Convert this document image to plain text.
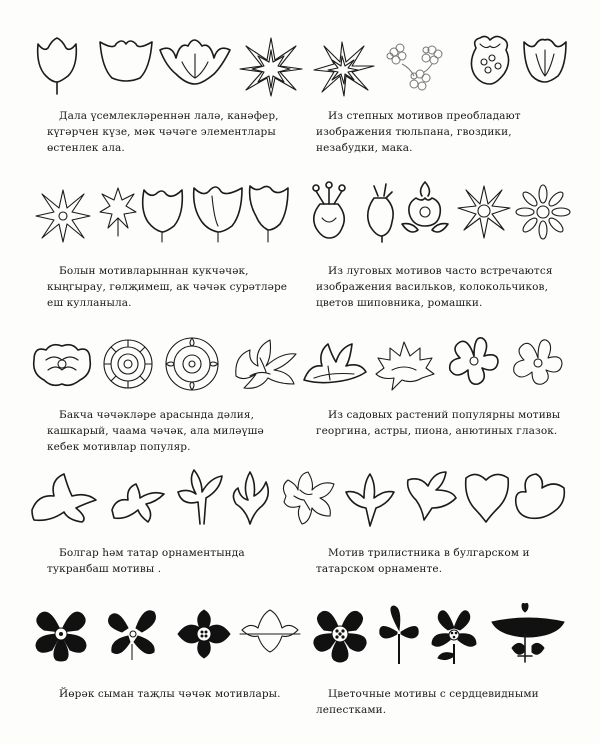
Дала үсемлекләреннән лалә, канәфер, күгәрчен күзе, мәк чәчәге элементлары өстенлек ала.

Из степных мотивов преобладают изображения тюльпана, гвоздики, незабудки, мака.

Болын мотивларыннан кукчәчәк, кыңгырау, гөлҗимеш, ак чәчәк сурәтләре еш кулланыла.

Из луговых мотивов часто встречаются изображения васильков, колокольчиков, цветов шиповника, ромашки.

Бакча чәчәкләре арасында дәлия, кашкарый, чаама чәчәк, ала миләүшә кебек мотивлар популяр.

Из садовых растений популярны мотивы георгина, астры, пиона, анютиных глазок.

Болгар һәм татар орнаментында тукранбаш мотивы .

Мотив трилистника в булгарском и татарском орнаменте.

Йөрәк сыман таҗлы чәчәк мотивлары.	Цветочные мотивы с сердцевидными лепестками.
